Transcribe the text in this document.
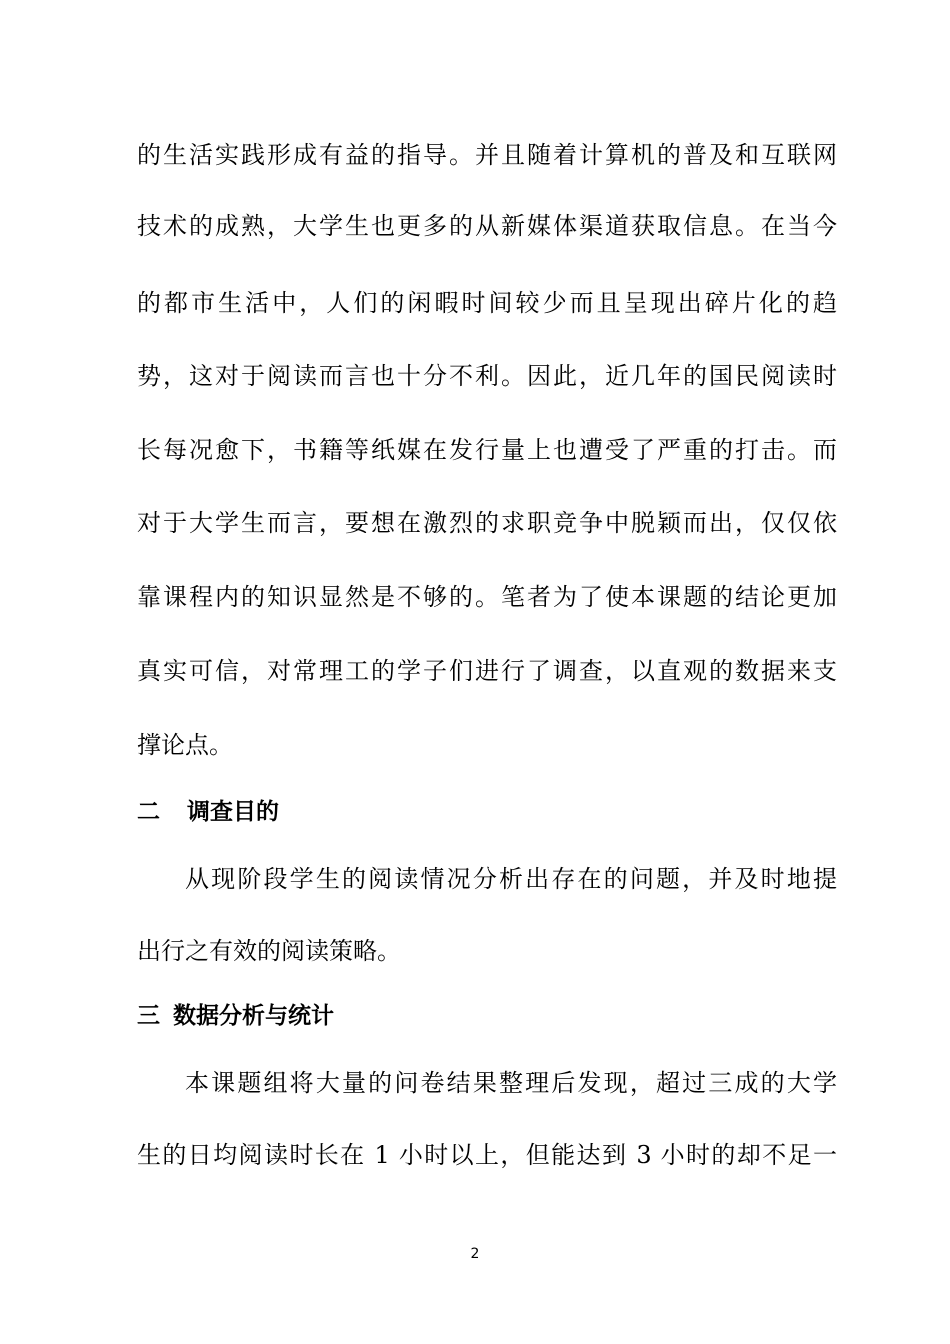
的生活实践形成有益的指导。并且随着计算机的普及和互联网
技术的成熟，大学生也更多的从新媒体渠道获取信息。在当今
的都市生活中，人们的闲暇时间较少而且呈现出碎片化的趋
势，这对于阅读而言也十分不利。因此，近几年的国民阅读时
长每况愈下，书籍等纸媒在发行量上也遭受了严重的打击。而
对于大学生而言，要想在激烈的求职竞争中脱颖而出，仅仅依
靠课程内的知识显然是不够的。笔者为了使本课题的结论更加
真实可信，对常理工的学子们进行了调查，以直观的数据来支
撑论点。
二 调查目的
从现阶段学生的阅读情况分析出存在的问题，并及时地提
出行之有效的阅读策略。
三 数据分析与统计
本课题组将大量的问卷结果整理后发现，超过三成的大学
生的日均阅读时长在 1 小时以上，但能达到 3 小时的却不足一
2
